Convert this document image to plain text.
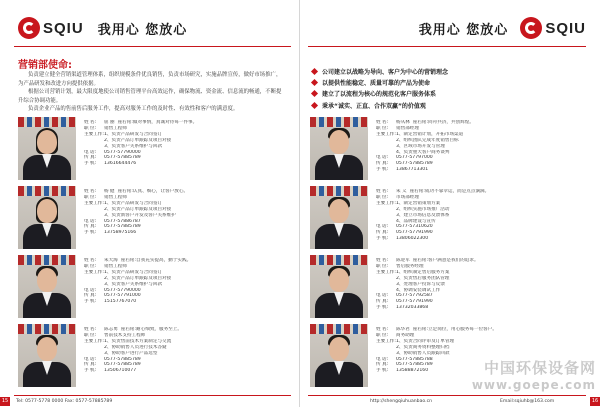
SQIU 我用心 您放心
营销部使命:

负责建立健全营销渠道管理体系，组织规模条件优良销售，负责市场研究，实施品牌宣传，做好市场推广，为产品研发和改进方向提供依据。

根据公司营销计划，最大限度地使公司销售管理平台高效运作，确保物流、资金流、信息流的畅通，不断提升综合协调功能。

负责企业产品的售前售后服务工作，提高对服务工作的及时性、有效性和客户的满意度。

姓 名: 屈 丽 座右铭:做对事情，真诚对待每一件事。
职 位: 销售工程师
主要工作:1、负责产品研发与合同签订
2、负责产品订单跟踪及项目对接
3、负责客户关系维护与回款
电 话: 0577-57790000
传 真: 0577-57885789
手 机: 13616644476
姓 名: 杨 健 座右铭:认真、细心，让客户放心。
职 位: 销售工程师
主要工作:1、负责产品研发与合同签订
2、负责产品订单跟踪及项目对接
3、负责新客户开发及客户关系维护
电 话: 0577-57886787
传 真: 0577-57885789
手 机: 13758975166
姓 名: 朱大海 座右铭:自我充实提高，勤于实践。
职 位: 销售工程师
主要工作:1、负责产品研发与合同签订
2、负责产品订单跟踪及项目对接
3、负责客户关系维护与回款
电 话: 0577-57790000
传 真: 0577-57791000
手 机: 15157767070
姓 名: 陈志勇 座右铭:耐心细致，服务至上。
职 位: 售前技术支持工程师
主要工作:1、负责售前技术方案制定与交流
2、协助销售人员进行技术答疑
3、协助客户进行产品选型
电 话: 0577-57885789
传 真: 0577-57885789
手 机: 13506710077
15	Tel: 0577-5778 0000 Fax: 0577-57885789
我用心 您放心 SQIU
公司建立以战略为导向、客户为中心的营销理念
以提供性能稳定、质量可靠的产品为使命
建立了以流程为核心的规范化客户服务体系
秉承“诚实、正直、合作双赢”的价值观
姓 名: 杨从林 座右铭:同舟共济，共创辉煌。
职 位: 销售部经理
主要工作:1、制定营销计划，开拓市场渠道
2、组织团队完成年度销售目标
3、区域市场开发与管理
4、负责重大客户商务谈判
电 话: 0577-57797000
传 真: 0577-57885789
手 机: 13867713301
姓 名: 朱 义 座右铭:成功不靠幸运，而是点点滴滴。
职 位: 市场部经理
主要工作:1、制定营销策划方案
2、组织实施市场推广活动
3、建立市场信息反馈体系
4、品牌建设与宣传
电 话: 0577-57310620
传 真: 0577-57791990
手 机: 13806022300
姓 名: 陈迎军 座右铭:客户满意是我们的追求。
职 位: 售后服务经理
主要工作:1、组织制定售后服务方案
2、负责售后服务团队管理
3、处理客户投诉与反馈
4、协调安装调试工作
电 话: 0577-57792587
传 真: 0577-57791990
手 机: 13732033868
姓 名: 陈华君 座右铭:立足岗位，用心服务每一位客户。
职 位: 商务助理
主要工作:1、负责合同评审及订单管理
2、负责商务资料整理归档
3、协助销售人员跟踪回款
电 话: 0577-57885788
传 真: 0577-57885789
手 机: 13588872160	中国环保设备网
www.goepe.com
http://shengqiuhuanbao.cn	Email:sqiuhb@163.com	16
